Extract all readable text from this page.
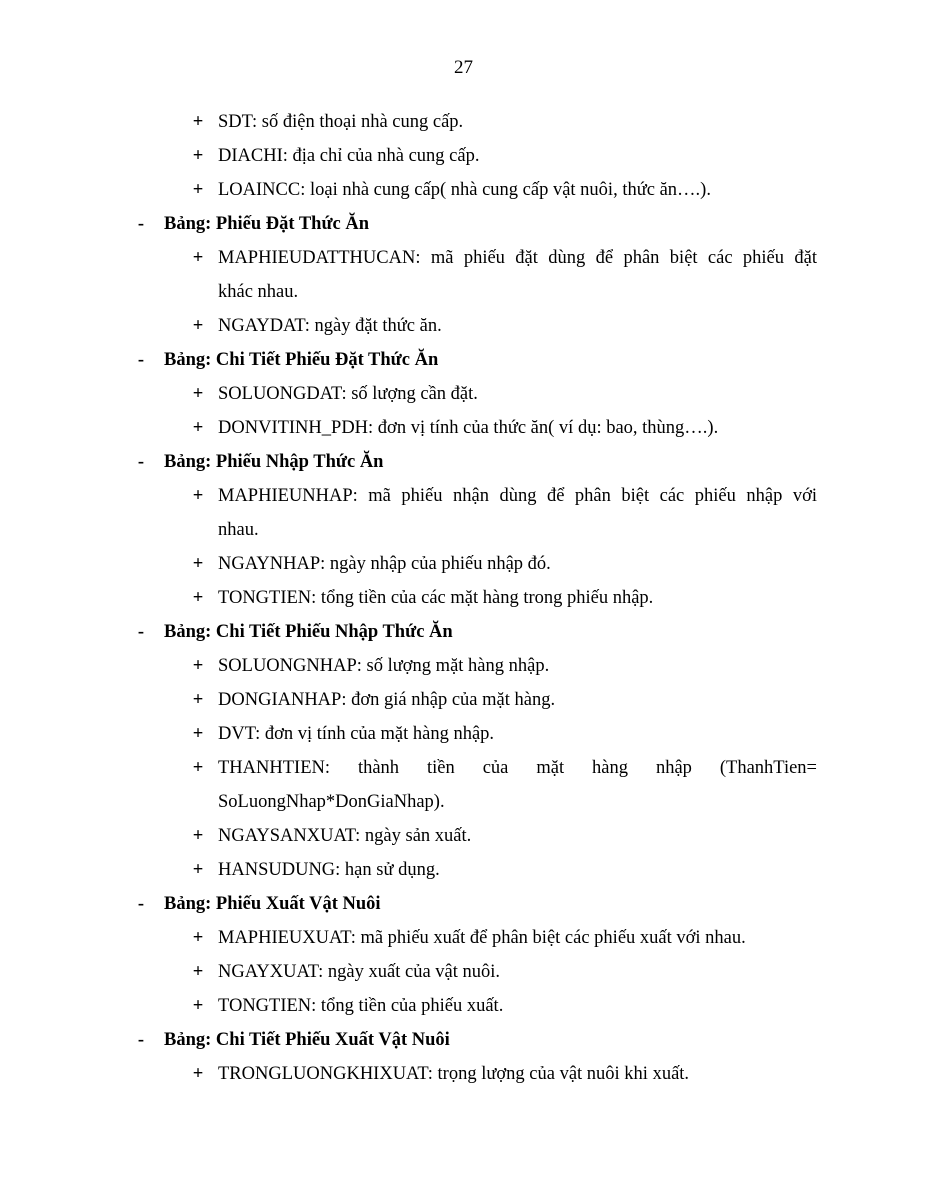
27
+ SDT: số điện thoại nhà cung cấp.
+ DIACHI: địa chỉ của nhà cung cấp.
+ LOAINCC: loại nhà cung cấp( nhà cung cấp vật nuôi, thức ăn….).
- Bảng: Phiếu Đặt Thức Ăn
+ MAPHIEUDATTHUCAN: mã phiếu đặt dùng để phân biệt các phiếu đặt
khác nhau.
+ NGAYDAT: ngày đặt thức ăn.
- Bảng: Chi Tiết Phiếu Đặt Thức Ăn
+ SOLUONGDAT: số lượng cần đặt.
+ DONVITINH_PDH: đơn vị tính của thức ăn( ví dụ: bao, thùng….).
- Bảng: Phiếu Nhập Thức Ăn
+ MAPHIEUNHAP: mã phiếu nhận dùng để phân biệt các phiếu nhập với
nhau.
+ NGAYNHAP: ngày nhập của phiếu nhập đó.
+ TONGTIEN: tổng tiền của các mặt hàng trong phiếu nhập.
- Bảng: Chi Tiết Phiếu Nhập Thức Ăn
+ SOLUONGNHAP: số lượng mặt hàng nhập.
+ DONGIANHAP: đơn giá nhập của mặt hàng.
+ DVT: đơn vị tính của mặt hàng nhập.
+ THANHTIEN: thành tiền của mặt hàng nhập (ThanhTien=
SoLuongNhap*DonGiaNhap).
+ NGAYSANXUAT: ngày sản xuất.
+ HANSUDUNG: hạn sử dụng.
- Bảng: Phiếu Xuất Vật Nuôi
+ MAPHIEUXUAT: mã phiếu xuất để phân biệt các phiếu xuất với nhau.
+ NGAYXUAT: ngày xuất của vật nuôi.
+ TONGTIEN: tổng tiền của phiếu xuất.
- Bảng: Chi Tiết Phiếu Xuất Vật Nuôi
+ TRONGLUONGKHIXUAT: trọng lượng của vật nuôi khi xuất.
